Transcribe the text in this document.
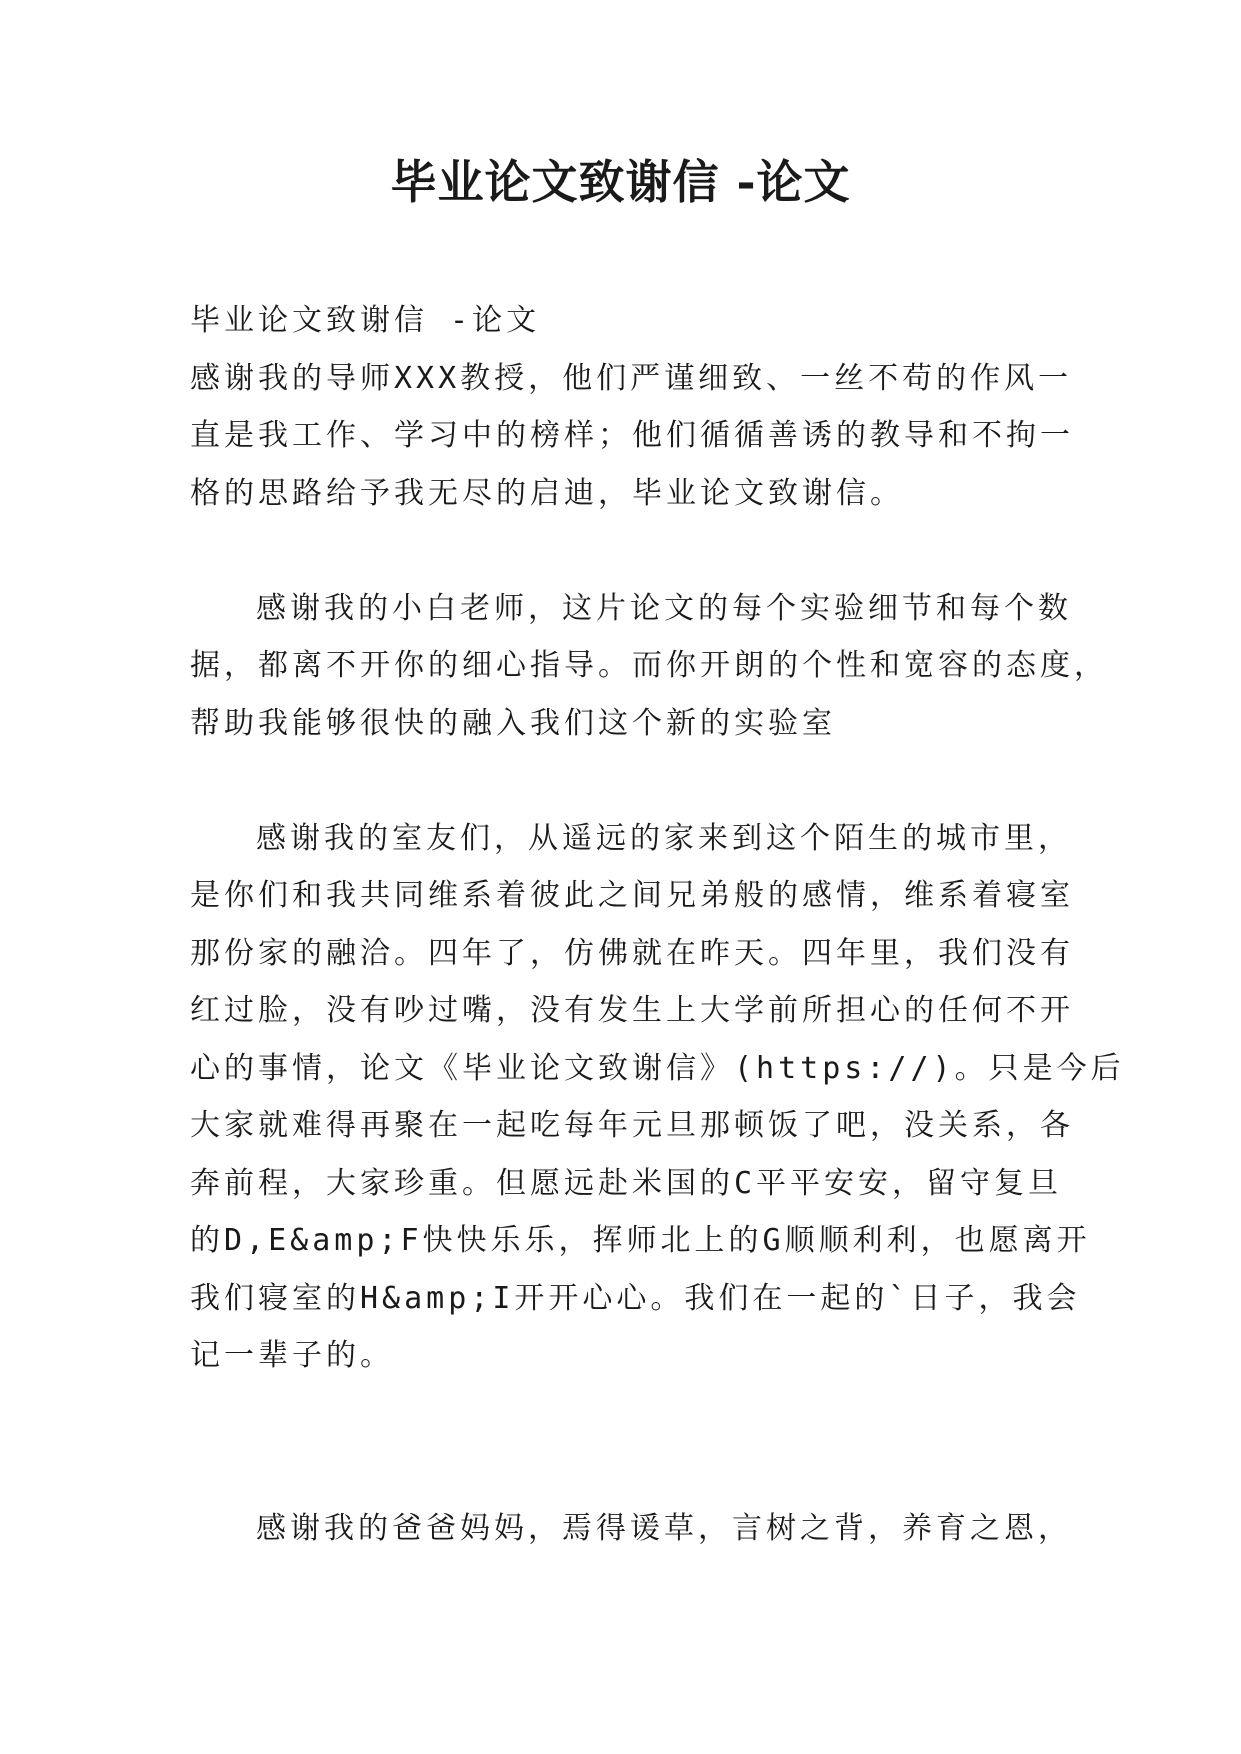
毕业论文致谢信 -论文
毕业论文致谢信 -论文
感谢我的导师XXX教授，他们严谨细致、一丝不苟的作风一
直是我工作、学习中的榜样；他们循循善诱的教导和不拘一
格的思路给予我无尽的启迪，毕业论文致谢信。
感谢我的小白老师，这片论文的每个实验细节和每个数
据，都离不开你的细心指导。而你开朗的个性和宽容的态度，
帮助我能够很快的融入我们这个新的实验室
感谢我的室友们，从遥远的家来到这个陌生的城市里，
是你们和我共同维系着彼此之间兄弟般的感情，维系着寝室
那份家的融洽。四年了，仿佛就在昨天。四年里，我们没有
红过脸，没有吵过嘴，没有发生上大学前所担心的任何不开
心的事情，论文《毕业论文致谢信》(https://)。只是今后
大家就难得再聚在一起吃每年元旦那顿饭了吧，没关系，各
奔前程，大家珍重。但愿远赴米国的C平平安安，留守复旦
的D,E&amp;F快快乐乐，挥师北上的G顺顺利利，也愿离开
我们寝室的H&amp;I开开心心。我们在一起的`日子，我会
记一辈子的。
感谢我的爸爸妈妈，焉得谖草，言树之背，养育之恩，
